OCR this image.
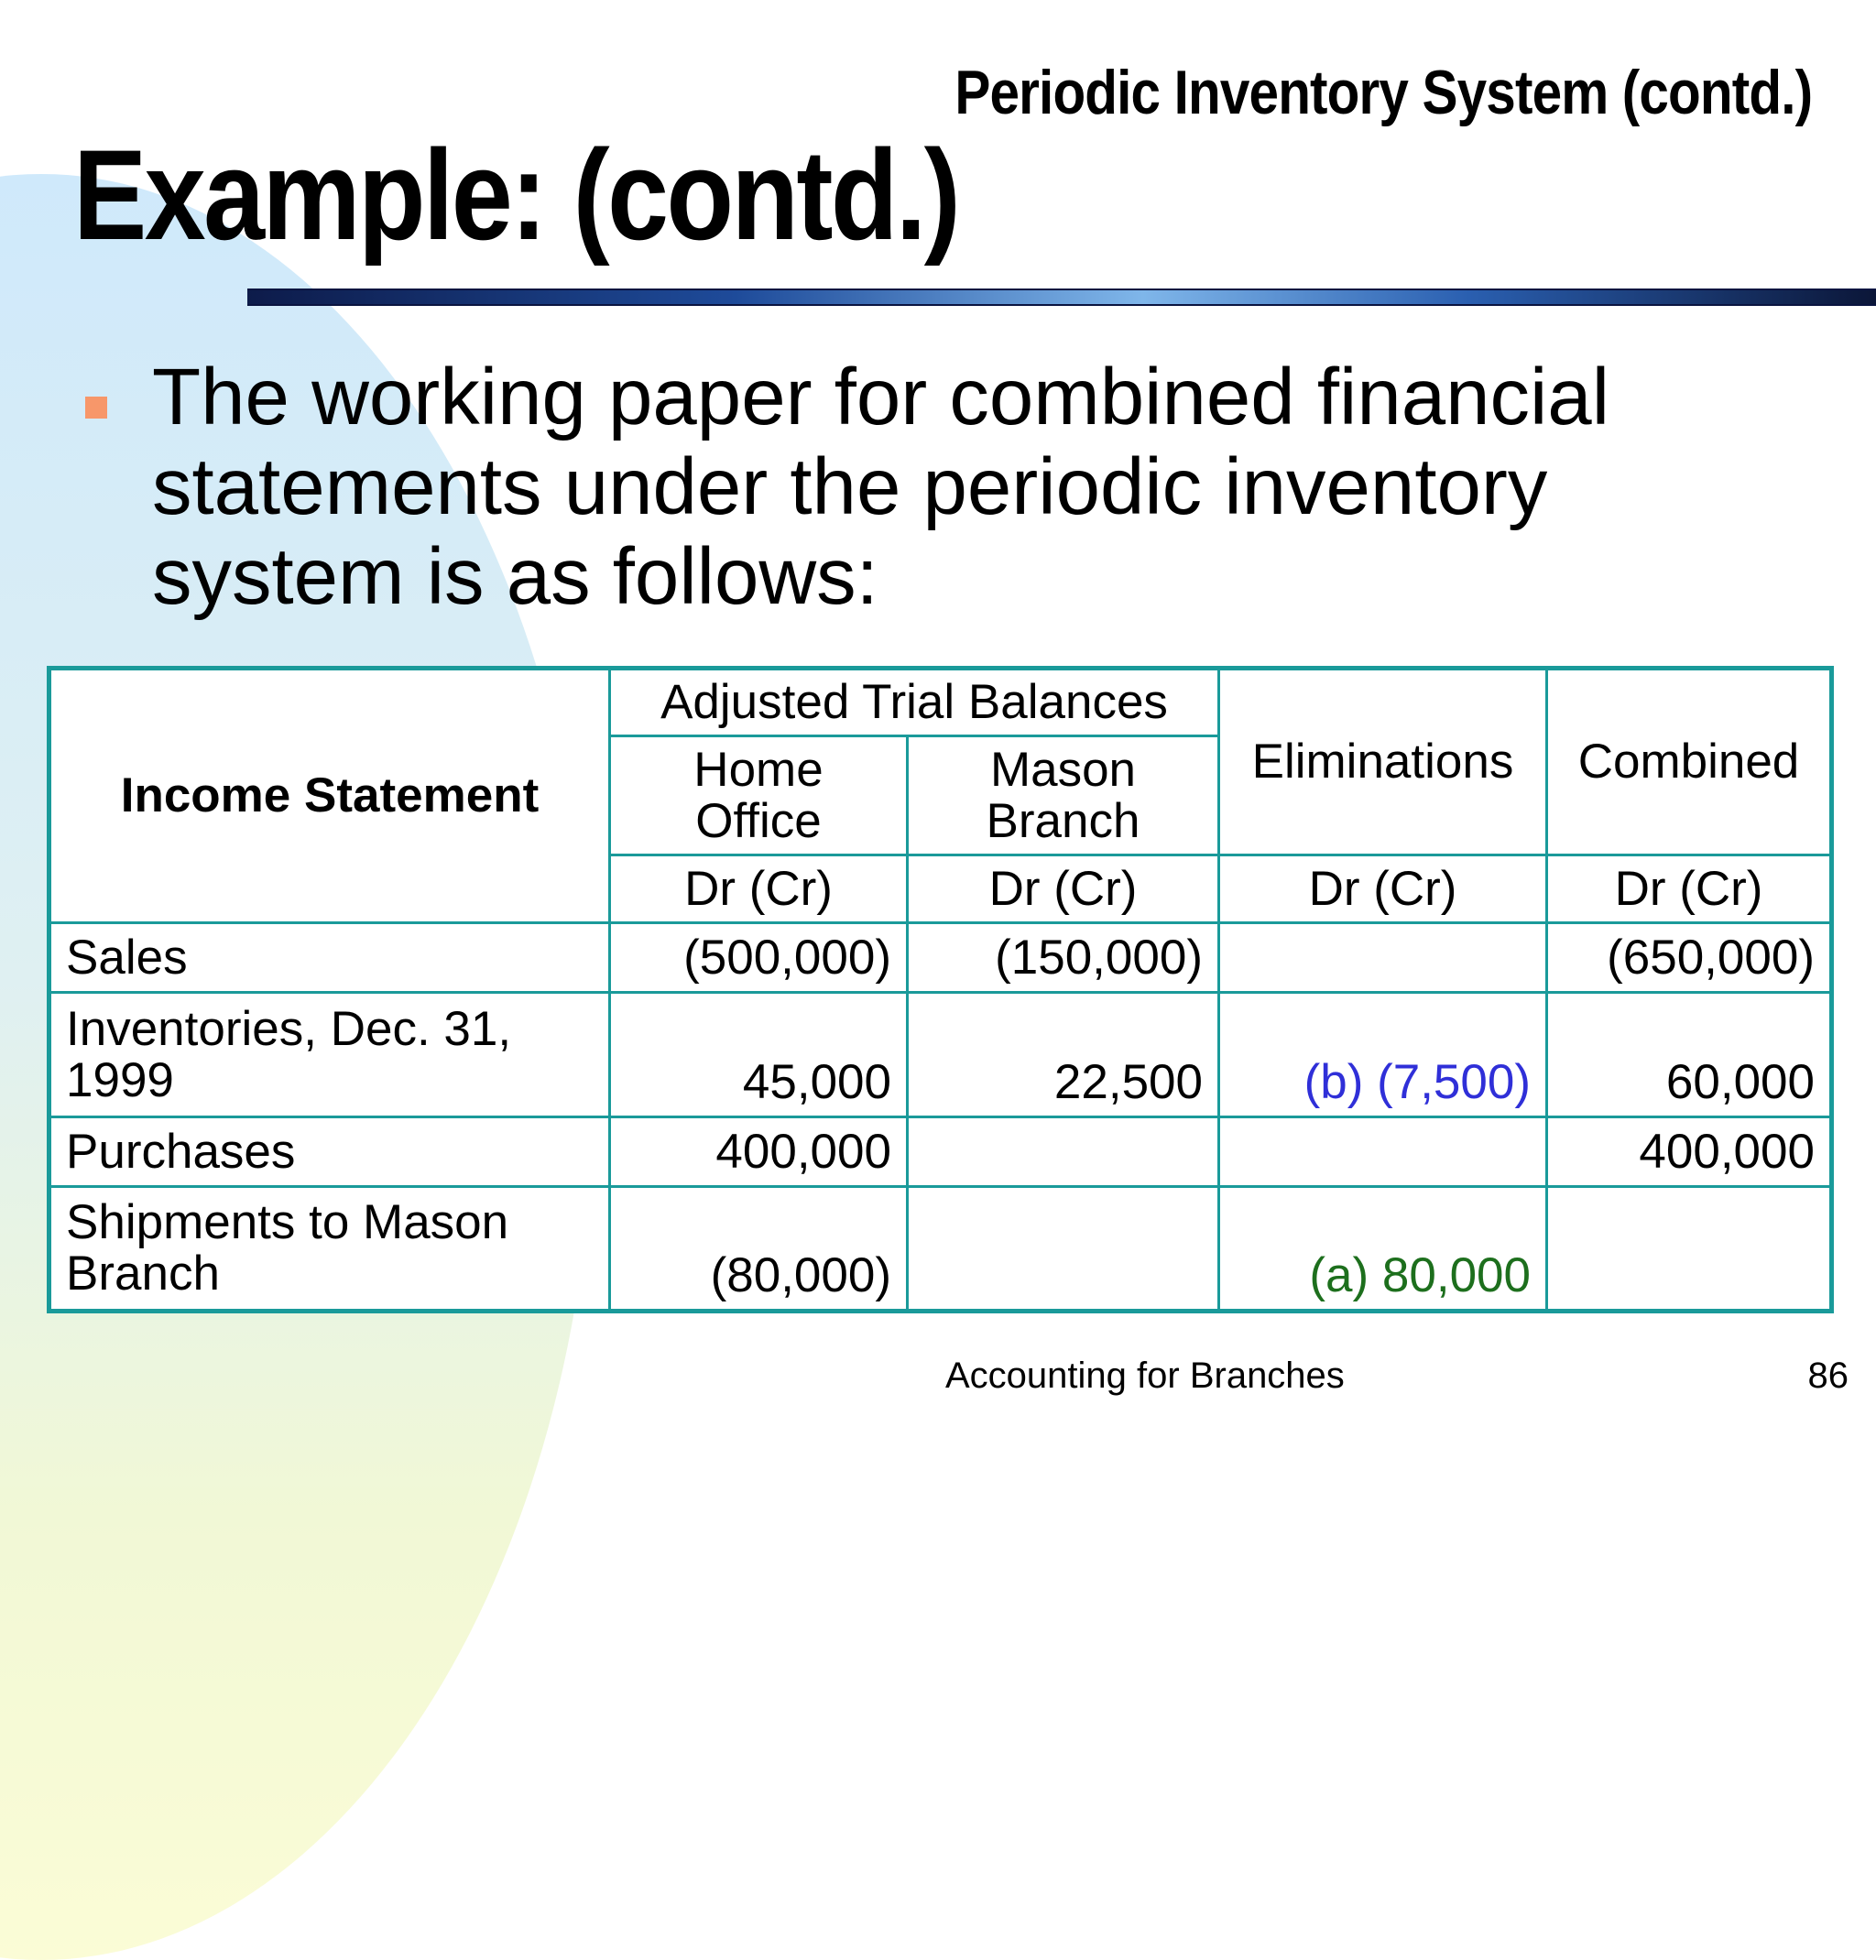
Periodic Inventory System (contd.)
Example: (contd.)

The working paper for combined financial statements under the periodic inventory system is as follows:

Income Statement	Adjusted Trial Balances		Eliminations	Combined
	Home Office	Mason Branch		
	Dr (Cr)	Dr (Cr)	Dr (Cr)	Dr (Cr)
Sales	(500,000)	(150,000)		(650,000)
Inventories, Dec. 31, 1999	45,000	22,500	(b) (7,500)	60,000
Purchases	400,000			400,000
Shipments to Mason Branch	(80,000)		(a) 80,000	
Accounting for Branches	86
